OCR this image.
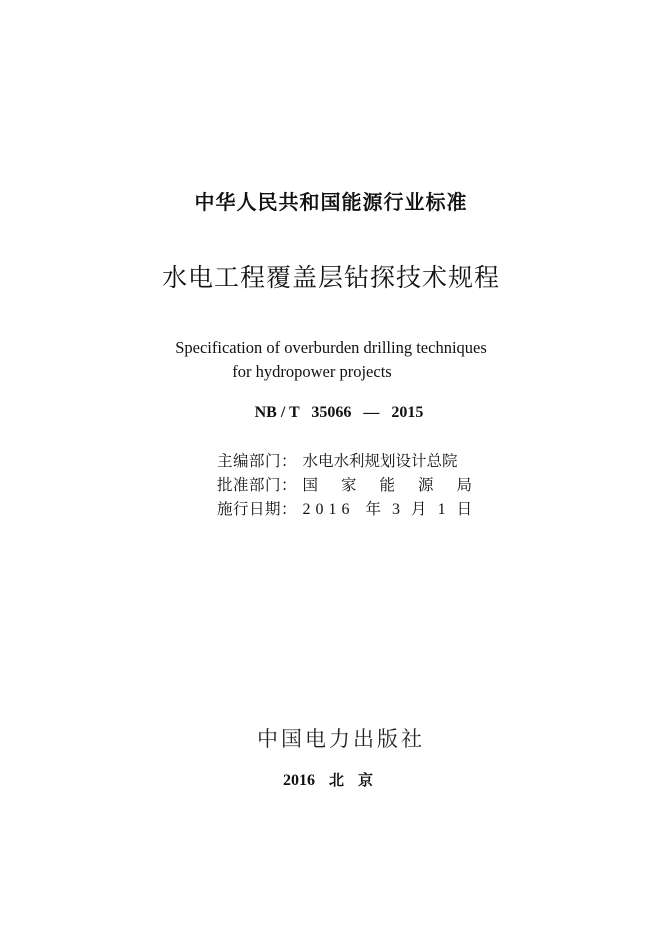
中华人民共和国能源行业标准
水电工程覆盖层钻探技术规程
Specification of overburden drilling techniques
for hydropower projects
NB / T 35066 — 2015
主编部门： 水电水利规划设计总院
批准部门： 国家能源局
施行日期： 2016 年 3 月 1 日
中国电力出版社
2016 北京
